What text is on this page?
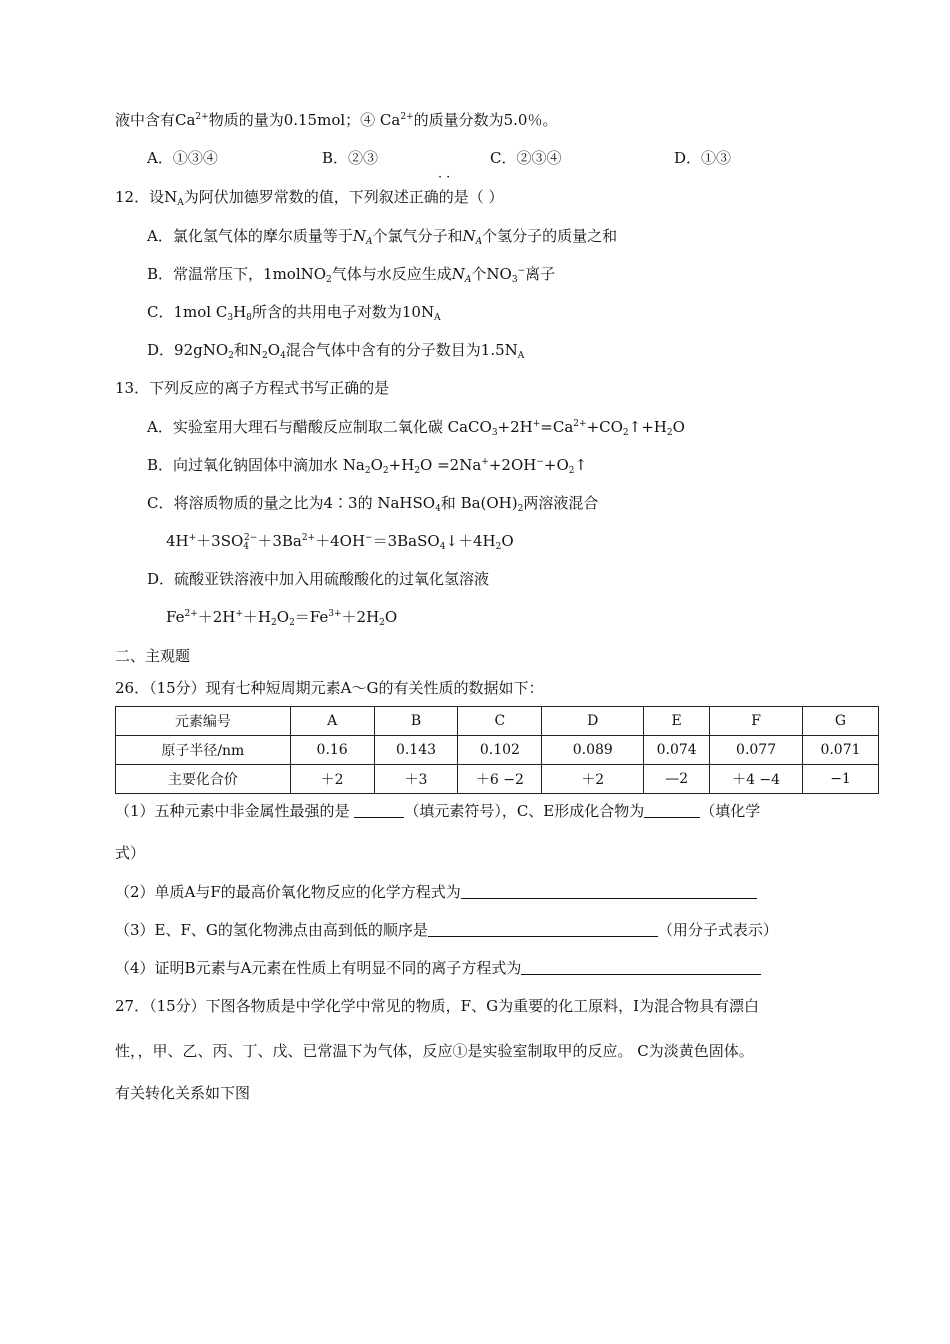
液中含有$Ca^{2+}$物质的量为0.15mol；④ $Ca^{2+}$的质量分数为5.0％。
A．①③④	B．②③	C．②③④	D．①③
··
12．设$N_A$为阿伏加德罗常数的值，下列叙述正确的是（ ）
A．氯化氢气体的摩尔质量等于$N_A$个氯气分子和$N_A$个氢分子的质量之和
B．常温常压下，1molNO$_2$气体与水反应生成$N_A$个$NO_3^-$离子
C．1mol $C_3H_8$所含的共用电子对数为$10N_A$
D．92gNO$_2$和$N_2O_4$混合气体中含有的分子数目为$1.5N_A$
13．下列反应的离子方程式书写正确的是
A．实验室用大理石与醋酸反应制取二氧化碳 $CaCO_3+2H^+=Ca^{2+}+CO_2↑+H_2O$
B．向过氧化钠固体中滴加水 $Na_2O_2+H_2O$ $=2Na^++2OH^-+O_2↑$
C．将溶质物质的量之比为4∶3的 NaHSO$_4$和 $Ba(OH)_2$两溶液混合
$4H^++3SO_4^{2-}+3Ba^{2+}+4OH^-=3BaSO_4↓+4H_2O$
D．硫酸亚铁溶液中加入用硫酸酸化的过氧化氢溶液
$Fe^{2+}+2H^++H_2O_2=Fe^{3+}+2H_2O$
二、主观题
26．（15分）现有七种短周期元素A～G的有关性质的数据如下：
元素编号	A	B	C	D	E	F	G
原子半径/nm	0.16	0.143	0.102	0.089	0.074	0.077	0.071
主要化合价	＋2	＋3	＋6 −2	＋2	—2	＋4 −4	−1
（1）五种元素中非金属性最强的是	（填元素符号），C、E形成化合物为	（填化学
式）
（2）单质A与F的最高价氧化物反应的化学方程式为
（3）E、F、G的氢化物沸点由高到低的顺序是	（用分子式表示）
（4）证明B元素与A元素在性质上有明显不同的离子方程式为
27．（15分）下图各物质是中学化学中常见的物质，F、G为重要的化工原料，I为混合物具有漂白
性，，甲、乙、丙、丁、戊、已常温下为气体，反应①是实验室制取甲的反应。 C为淡黄色固体。
有关转化关系如下图
